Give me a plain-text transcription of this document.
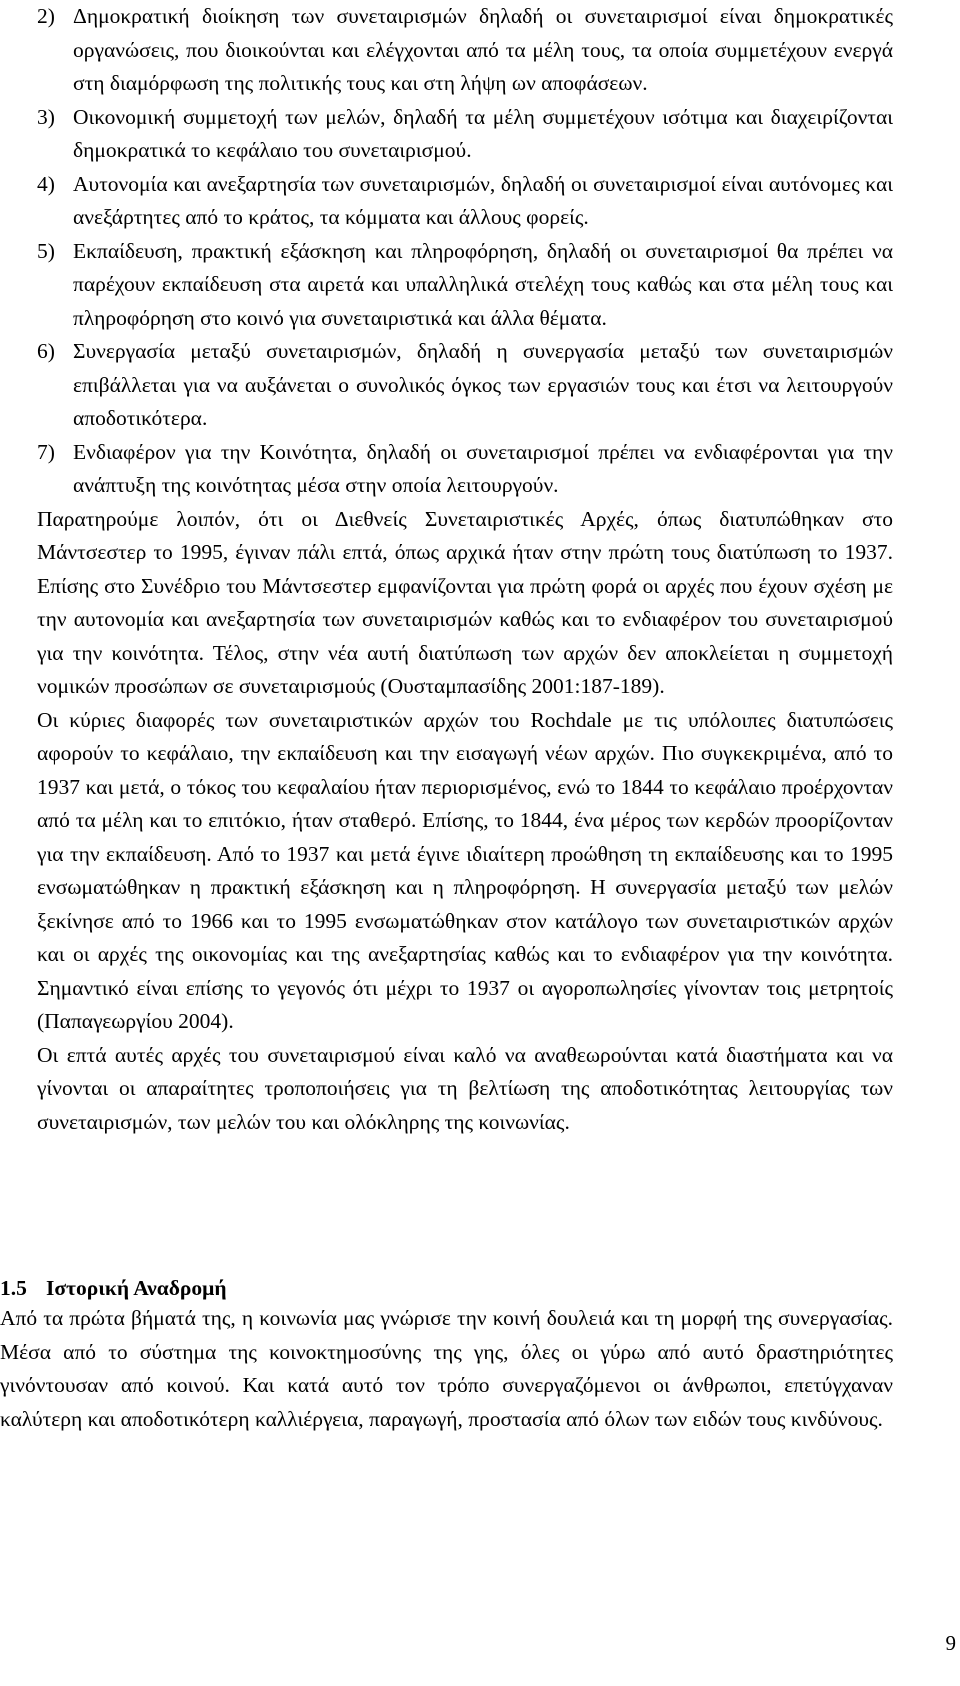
2) Δημοκρατική διοίκηση των συνεταιρισμών δηλαδή οι συνεταιρισμοί είναι δημοκρατικές οργανώσεις, που διοικούνται και ελέγχονται από τα μέλη τους, τα οποία συμμετέχουν ενεργά στη διαμόρφωση της πολιτικής τους και στη λήψη ων αποφάσεων.
3) Οικονομική συμμετοχή των μελών, δηλαδή τα μέλη συμμετέχουν ισότιμα και διαχειρίζονται δημοκρατικά το κεφάλαιο του συνεταιρισμού.
4) Αυτονομία και ανεξαρτησία των συνεταιρισμών, δηλαδή οι συνεταιρισμοί είναι αυτόνομες και ανεξάρτητες από το κράτος, τα κόμματα και άλλους φορείς.
5) Εκπαίδευση, πρακτική εξάσκηση και πληροφόρηση, δηλαδή οι συνεταιρισμοί θα πρέπει να παρέχουν εκπαίδευση στα αιρετά και υπαλληλικά στελέχη τους καθώς και στα μέλη τους και πληροφόρηση στο κοινό για συνεταιριστικά και άλλα θέματα.
6) Συνεργασία μεταξύ συνεταιρισμών, δηλαδή η συνεργασία μεταξύ των συνεταιρισμών επιβάλλεται για να αυξάνεται ο συνολικός όγκος των εργασιών τους και έτσι να λειτουργούν αποδοτικότερα.
7) Ενδιαφέρον για την Κοινότητα, δηλαδή οι συνεταιρισμοί πρέπει να ενδιαφέρονται για την ανάπτυξη της κοινότητας μέσα στην οποία λειτουργούν.

Παρατηρούμε λοιπόν, ότι οι Διεθνείς Συνεταιριστικές Αρχές, όπως διατυπώθηκαν στο Μάντσεστερ το 1995, έγιναν πάλι επτά, όπως αρχικά ήταν στην πρώτη τους διατύπωση το 1937. Επίσης στο Συνέδριο του Μάντσεστερ εμφανίζονται για πρώτη φορά οι αρχές που έχουν σχέση με την αυτονομία και ανεξαρτησία των συνεταιρισμών καθώς και το ενδιαφέρον του συνεταιρισμού για την κοινότητα. Τέλος, στην νέα αυτή διατύπωση των αρχών δεν αποκλείεται η συμμετοχή νομικών προσώπων σε συνεταιρισμούς (Ουσταμπασίδης 2001:187-189).

Οι κύριες διαφορές των συνεταιριστικών αρχών του Rochdale με τις υπόλοιπες διατυπώσεις αφορούν το κεφάλαιο, την εκπαίδευση και την εισαγωγή νέων αρχών. Πιο συγκεκριμένα, από το 1937 και μετά, ο τόκος του κεφαλαίου ήταν περιορισμένος, ενώ το 1844 το κεφάλαιο προέρχονταν από τα μέλη και το επιτόκιο, ήταν σταθερό. Επίσης, το 1844, ένα μέρος των κερδών προορίζονταν για την εκπαίδευση. Από το 1937 και μετά έγινε ιδιαίτερη προώθηση τη εκπαίδευσης και το 1995 ενσωματώθηκαν η πρακτική εξάσκηση και η πληροφόρηση. Η συνεργασία μεταξύ των μελών ξεκίνησε από το 1966 και το 1995 ενσωματώθηκαν στον κατάλογο των συνεταιριστικών αρχών και οι αρχές της οικονομίας και της ανεξαρτησίας καθώς και το ενδιαφέρον για την κοινότητα. Σημαντικό είναι επίσης το γεγονός ότι μέχρι το 1937 οι αγοροπωλησίες γίνονταν τοις μετρητοίς (Παπαγεωργίου 2004).

Οι επτά αυτές αρχές του συνεταιρισμού είναι καλό να αναθεωρούνται κατά διαστήματα και να γίνονται οι απαραίτητες τροποποιήσεις για τη βελτίωση της αποδοτικότητας λειτουργίας των συνεταιρισμών, των μελών του και ολόκληρης της κοινωνίας.

1.5 Ιστορική Αναδρομή

Από τα πρώτα βήματά της, η κοινωνία μας γνώρισε την κοινή δουλειά και τη μορφή της συνεργασίας. Μέσα από το σύστημα της κοινοκτημοσύνης της γης, όλες οι γύρω από αυτό δραστηριότητες γινόντουσαν από κοινού. Και κατά αυτό τον τρόπο συνεργαζόμενοι οι άνθρωποι, επετύγχαναν καλύτερη και αποδοτικότερη καλλιέργεια, παραγωγή, προστασία από όλων των ειδών τους κινδύνους.

9
